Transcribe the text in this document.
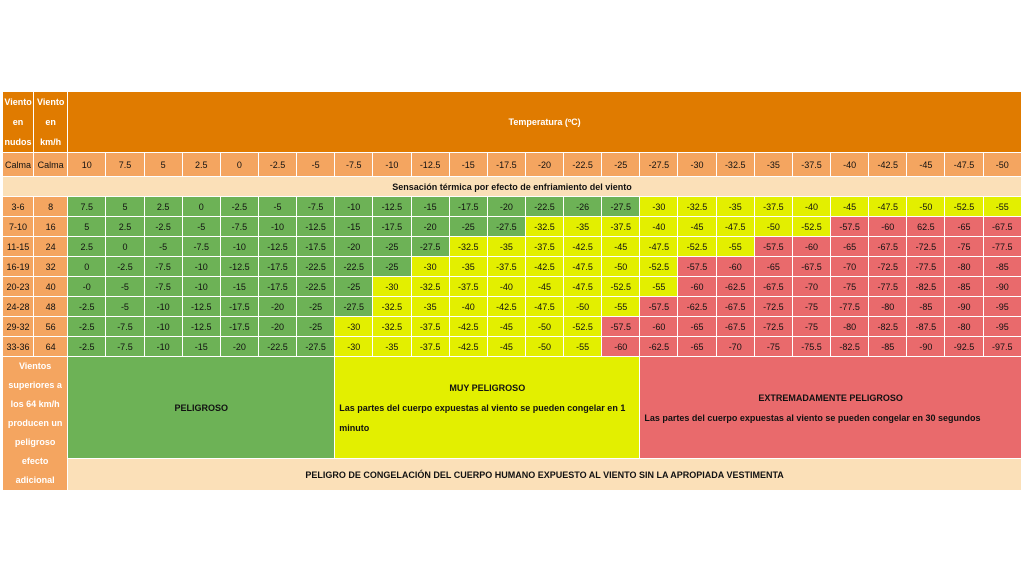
Viento en nudos	Viento en km/h	Temperatura (ºC)																								

Calma	Calma	10	7.5	5	2.5	0	-2.5	-5	-7.5	-10	-12.5	-15	-17.5	-20	-22.5	-25	-27.5	-30	-32.5	-35	-37.5	-40	-42.5	-45	-47.5	-50
Sensación térmica por efecto de enfriamiento del viento																										
3-6	8	7.5	5	2.5	0	-2.5	-5	-7.5	-10	-12.5	-15	-17.5	-20	-22.5	-26	-27.5	-30	-32.5	-35	-37.5	-40	-45	-47.5	-50	-52.5	-55
7-10	16	5	2.5	-2.5	-5	-7.5	-10	-12.5	-15	-17.5	-20	-25	-27.5	-32.5	-35	-37.5	-40	-45	-47.5	-50	-52.5	-57.5	-60	62.5	-65	-67.5
11-15	24	2.5	0	-5	-7.5	-10	-12.5	-17.5	-20	-25	-27.5	-32.5	-35	-37.5	-42.5	-45	-47.5	-52.5	-55	-57.5	-60	-65	-67.5	-72.5	-75	-77.5
16-19	32	0	-2.5	-7.5	-10	-12.5	-17.5	-22.5	-22.5	-25	-30	-35	-37.5	-42.5	-47.5	-50	-52.5	-57.5	-60	-65	-67.5	-70	-72.5	-77.5	-80	-85
20-23	40	-0	-5	-7.5	-10	-15	-17.5	-22.5	-25	-30	-32.5	-37.5	-40	-45	-47.5	-52.5	-55	-60	-62.5	-67.5	-70	-75	-77.5	-82.5	-85	-90
24-28	48	-2.5	-5	-10	-12.5	-17.5	-20	-25	-27.5	-32.5	-35	-40	-42.5	-47.5	-50	-55	-57.5	-62.5	-67.5	-72.5	-75	-77.5	-80	-85	-90	-95
29-32	56	-2.5	-7.5	-10	-12.5	-17.5	-20	-25	-30	-32.5	-37.5	-42.5	-45	-50	-52.5	-57.5	-60	-65	-67.5	-72.5	-75	-80	-82.5	-87.5	-80	-95
33-36	64	-2.5	-7.5	-10	-15	-20	-22.5	-27.5	-30	-35	-37.5	-42.5	-45	-50	-55	-60	-62.5	-65	-70	-75	-75.5	-82.5	-85	-90	-92.5	-97.5
Vientos superiores a los 64 km/h producen un peligroso efecto adicional		PELIGROSO							MUY PELIGROSO
Las partes del cuerpo expuestas al viento se pueden congelar en 1 minuto								EXTREMADAMENTE PELIGROSO
Las partes del cuerpo expuestas al viento se pueden congelar en 30 segundos									

		PELIGRO DE CONGELACIÓN DEL CUERPO HUMANO EXPUESTO AL VIENTO SIN LA APROPIADA VESTIMENTA																								
